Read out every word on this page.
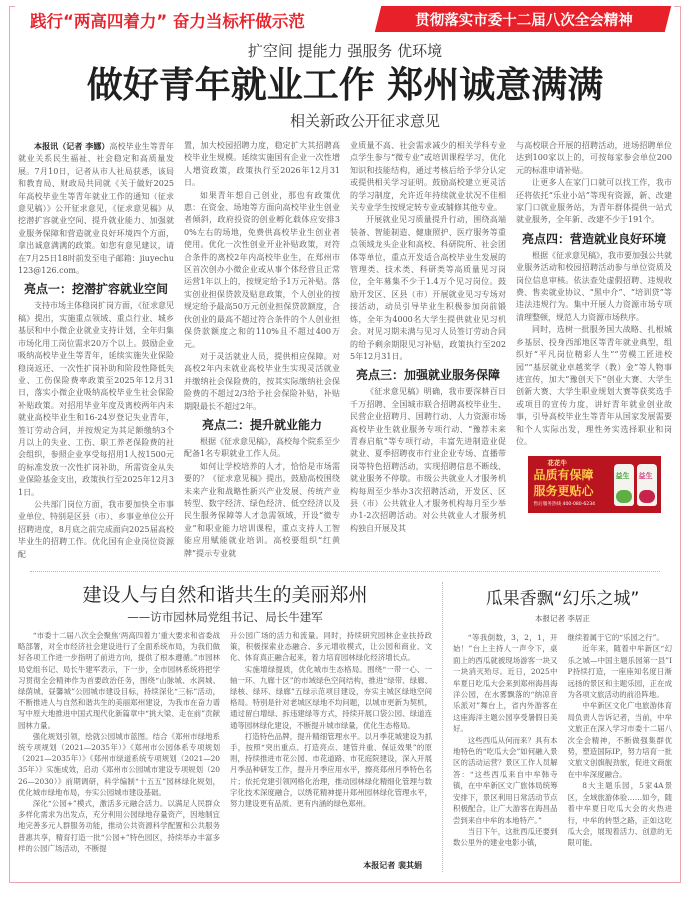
践行“两高四着力” 奋力当标杆做示范	贯彻落实市委十二届八次全会精神
扩空间 提能力 强服务 优环境
做好青年就业工作 郑州诚意满满
相关新政公开征求意见

本报讯（记者 李娜）高校毕业生等青年就业关系民生福祉、社会稳定和高质量发展。7月10日，记者从市人社局获悉，该局和教育局、财政局共同就《关于做好2025年高校毕业生等青年就业工作的通知（征求意见稿）》公开征求意见，《征求意见稿》从挖潜扩容就业空间、提升就业能力、加强就业服务保障和营造就业良好环境四个方面，拿出诚意满满的政策。如您有意见建议，请在7月25日18时前发至电子邮箱：jiuyechu123@126.com。

亮点一：挖潜扩容就业空间

支持市场主体稳岗扩岗方面，《征求意见稿》提出，实施重点领域、重点行业、城乡基层和中小微企业就业支持计划，全年归集市场化用工岗位需求20万个以上。鼓励企业吸纳高校毕业生等青年，延续实施失业保险稳岗返还、一次性扩岗补助和阶段性降低失业、工伤保险费率政策至2025年12月31日，落实小微企业吸纳高校毕业生社会保险补贴政策。对招用毕业年度及离校两年内未就业高校毕业生和16-24岁登记失业青年，签订劳动合同，并按规定为其足额缴纳3个月以上的失业、工伤、职工养老保险费的社会组织，参照企业享受每招用1人按1500元的标准发放一次性扩岗补助，所需资金从失业保险基金支出，政策执行至2025年12月31日。

公共部门岗位方面，我市要加快全市事业单位、特别是区县（市）、乡事业单位公开招聘进度，8月底之前完成面向2025届高校毕业生的招聘工作。优化国有企业岗位资源配

置，加大校园招聘力度，稳定扩大其招聘高校毕业生规模。延续实施国有企业一次性增人增资政策，政策执行至2026年12月31日。

如果青年想自己创业，那也有政策优惠：在资金、场地等方面向高校毕业生创业者倾斜，政府投资的创业孵化载体应安排30%左右的场地，免费供高校毕业生创业者使用。优化一次性创业开业补贴政策，对符合条件的离校2年内高校毕业生，在郑州市区首次创办小微企业或从事个体经营且正常运营1年以上的，按规定给予1万元补贴。落实创业担保贷款及贴息政策，个人创业的按规定给予最高50万元创业担保贷款额度，合伙创业的最高不超过符合条件的个人创业担保贷款额度之和的110%且不超过400万元。

对于灵活就业人员，提供相应保障。对高校2年内未就业高校毕业生实现灵活就业并缴纳社会保险费的，按其实际缴纳社会保险费的不超过2/3给予社会保险补贴，补贴期限最长不超过2年。

亮点二：提升就业能力

根据《征求意见稿》，高校每个院系至少配备1名专职就业工作人员。

如何让学校培养的人才，恰恰是市场需要的？《征求意见稿》提出，鼓励高校围绕未来产业和战略性新兴产业发展、传统产业转型、数字经济、绿色经济、低空经济以及民生服务保障等人才急需领域，开设“微专业”和职业能力培训课程，重点支持人工智能应用赋能就业培训。高校要组织“红黄牌”提示专业就

业质量不高、社会需求减少的相关学科专业点学生参与“微专业”或培训课程学习，优化知识和技能结构，通过考核后给予学分认定或提供相关学习证明。鼓励高校建立更灵活的学习制度，允许近年持续就业状况不佳相关专业学生按规定转专业或辅修其他专业。

开展就业见习质量提升行动，围绕高端装备、智能制造、健康照护、医疗服务等重点领域龙头企业和高校、科研院所、社会团体等单位，重点开发适合高校毕业生发展的管理类、技术类、科研类等高质量见习岗位，全年募集不少于1.4万个见习岗位。鼓励开发区、区县（市）开展就业见习专场对接活动，动员引导毕业生积极参加岗前锻炼，全年为4000名大学生提供就业见习机会。对见习期未满与见习人员签订劳动合同的给予剩余期限见习补贴，政策执行至2025年12月31日。

亮点三：加强就业服务保障

《征求意见稿》明确，我市要深耕百日千万招聘、全国城市联合招聘高校毕业生、民营企业招聘月、国聘行动、人力资源市场高校毕业生就业服务专项行动、“豫荐未来青春启航”等专项行动，丰富先进制造业促就业、夏季招聘夜市行业企业专场、直播带岗等特色招聘活动，实现招聘信息不断线、就业服务不停歇。市级公共就业人才服务机构每周至少举办3次招聘活动，开发区、区县（市）公共就业人才服务机构每月至少举办1-2次招聘活动。对公共就业人才服务机构独自开展及其

与高校联合开展的招聘活动，进场招聘单位达到100家以上的，可按每家参会单位200元的标准申请补贴。

让更多人在家门口就可以找工作，我市还将依托“乐业小站”等现有资源，新、改建家门口就业服务站，为青年群体提供一站式就业服务，全年新、改建不少于191个。

亮点四：营造就业良好环境

根据《征求意见稿》，我市要加强公共就业服务活动和校园招聘活动参与单位资质及岗位信息审核。依法查处虚假招聘、违规收费、售卖就业协议、“黑中介”、“培训贷”等违法违规行为。集中开展人力资源市场专项清理整顿，规范人力资源市场秩序。

同时，选树一批服务国大战略、扎根城乡基层、投身西部地区等青年就业典型，组织好“平凡岗位精彩人生”“劳模工匠进校园”“基层就业卓越奖学（教）金”等人物事迹宣传，加大“豫创天下”创业大赛、大学生创新大赛、大学生职业规划大赛等获奖选手或项目的宣传力度，讲好青年就业创业故事，引导高校毕业生等青年从国家发展需要和个人实际出发，理性务实选择职业和岗位。

花花牛
品质有保障
服务更贴心
售后服务热线 400-080-6234
益生 益生
建设人与自然和谐共生的美丽郑州
——访市园林局党组书记、局长牛建军

“市委十二届八次全会聚焦‘两高四着力’重大要求和省委战略部署，对全市经济社会建设进行了全面系统布局，为我们做好各项工作进一步指明了前进方向，提供了根本遵循。”市园林局党组书记、局长牛建军表示，下一步，全市园林系统将把学习贯彻全会精神作为首要政治任务，围绕“山脉城、水润城、绿荫城、昼馨城”公园城市建设目标，持续深化“三标”活动，不断推进人与自然和谐共生的美丽郑州建设，为我市在奋力谱写中原大地推进中国式现代化新篇章中“挑大梁、走在前”贡献园林力量。

强化规划引领，绘就公园城市蓝图。结合《郑州市绿地系统专项规划（2021—2035年）》《郑州市公园体系专项规划（2021—2035年）》《郑州市绿道系统专项规划（2021—2035年）》实施成效，启动《郑州市公园城市建设专项规划（2026—2030）》前期调研，科学编制“十五五”园林绿化规划，优化城市绿地布局，夯实公园城市建设基础。

深化“公园+”模式，激活多元融合活力。以满足人民群众多样化需求为出发点，充分利用公园绿地存量资产，因地制宜地完善多元人群服务功能，推动公共资源科学配置和公共服务普惠共享，精育打造一批“公园+”特色园区，持续举办丰富多样的公园广场活动，不断提

升公园广场的活力和流量。同时，持续研究园林企业扶持政策，积极探索业态融合、多元增收模式，让公园和商业、文化、体育真正融合起来，着力培育园林绿化经济增长点。

实施增绿提质，优化城市生态格局。围绕“一带一心、一轴一环、九廊十区”的市域绿色空间结构，推进“绿带、绿廊、绿核、绿环、绿廊”五绿示范项目建设，夯实主城区绿地空间格局。特别是针对老城区绿地不均问题，以城市更新为契机，通过留白增绿、拆违建绿等方式，持续开展口袋公园、绿道连通等园林绿化建设，不断提升城市绿量，优化生态格局。

打造特色品牌，提升精细管理水平。以月季花城建设为抓手，按照“突出重点、打造亮点、建管并重、保证效果”的原则，持续推进市花公园、市花道路、市花庭院建设，深入开展月季品种研发工作，提升月季应用水平，擦亮郑州月季特色名片；依托党建引领网格化治理，推动园林绿化精细化管理与数字化技术深度融合，以绣花精神提升郑州园林绿化管理水平，努力建设更有品质、更有内涵的绿色郑州。

本报记者 裴其娟
瓜果香飘“幻乐之城”
本报记者 李居正

“等我倒数，3，2，1，开始！”台上主持人一声令下，桌面上的西瓜就被现场游客一块又一块消灭殆尽。近日，2025中牟夏日吃瓜大会来到郑州海昌海洋公园，在水雾飘落的“纳凉音乐派对”舞台上，省内外游客在这座海洋主题公园享受暑假日美好。

这些西瓜从何而来？具有本地特色的“吃瓜大会”如何融入景区的活动运营？景区工作人员解答：“这些西瓜来自中牟韩寺镇，在中牟新区文广旅体局统筹安排下，景区利用日常活动节点积极配合，让广大游客在海昌品尝到来自中牟的本地特产。”

当日下午，这批西瓜还要到数公里外的建业电影小镇，

继续着属于它的“乐园之行”。

近年来，随着中牟新区“幻乐之城—中国主题乐园第一县”IP持续打造，一座座知名度日渐远扬的景区和主题乐园，正在成为各项文旅活动的前沿阵地。

中牟新区文化广电旅游体育局负责人告诉记者，当前，中牟文旅正在深入学习市委十二届八次全会精神，不断做强集群优势，塑造国际IP，努力培育一批文旅文创旗舰劲旅，促进文商旅在中牟深度融合。

8大主题乐园，5家4A景区，全域旅游体验……如今，随着中牟夏日吃瓜大会的火热进行，中牟的转型之路，正如这吃瓜大会，展现着活力、创意的无限可能。
